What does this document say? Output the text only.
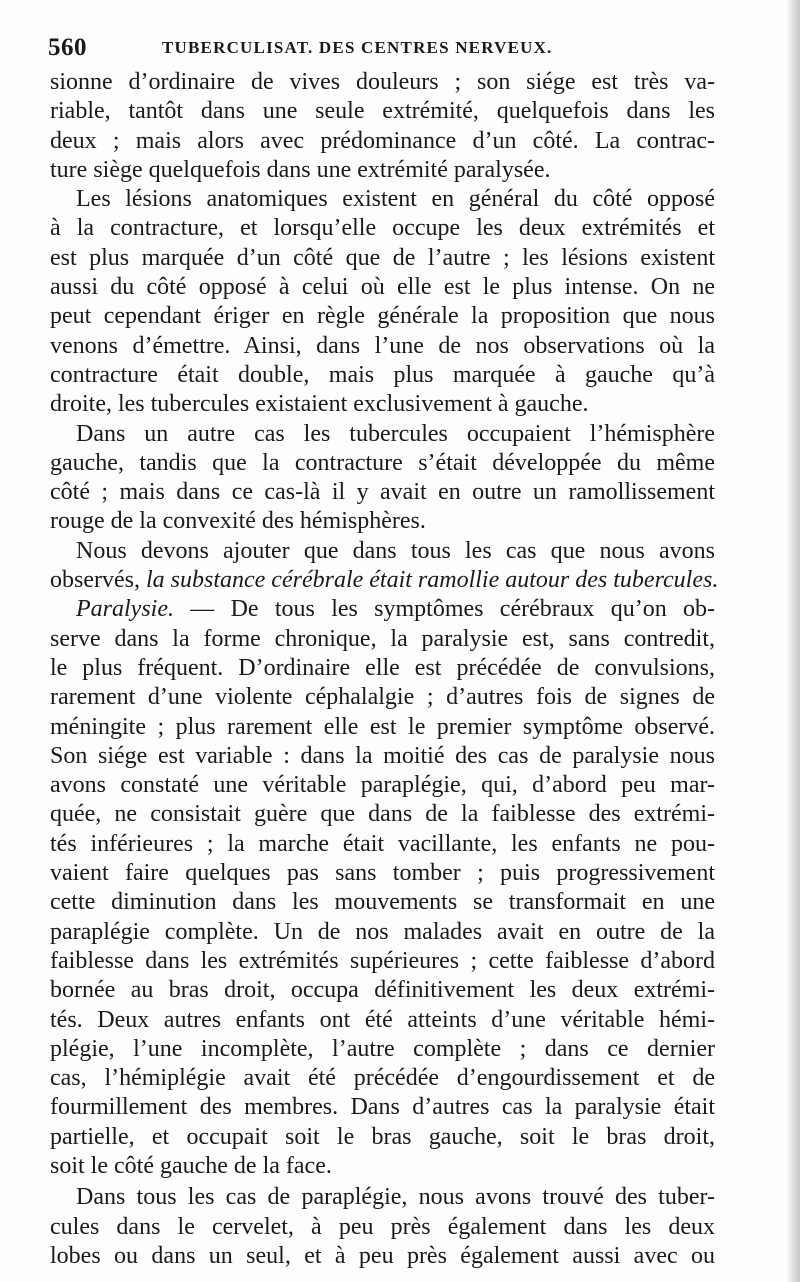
560	TUBERCULISAT. DES CENTRES NERVEUX.
sionne d’ordinaire de vives douleurs ; son siége est très va-
riable, tantôt dans une seule extrémité, quelquefois dans les
deux ; mais alors avec prédominance d’un côté. La contrac-
ture siège quelquefois dans une extrémité paralysée.
Les lésions anatomiques existent en général du côté opposé
à la contracture, et lorsqu’elle occupe les deux extrémités et
est plus marquée d’un côté que de l’autre ; les lésions existent
aussi du côté opposé à celui où elle est le plus intense. On ne
peut cependant ériger en règle générale la proposition que nous
venons d’émettre. Ainsi, dans l’une de nos observations où la
contracture était double, mais plus marquée à gauche qu’à
droite, les tubercules existaient exclusivement à gauche.
Dans un autre cas les tubercules occupaient l’hémisphère
gauche, tandis que la contracture s’était développée du même
côté ; mais dans ce cas-là il y avait en outre un ramollissement
rouge de la convexité des hémisphères.
Nous devons ajouter que dans tous les cas que nous avons
observés, la substance cérébrale était ramollie autour des tubercules.
Paralysie. — De tous les symptômes cérébraux qu’on ob-
serve dans la forme chronique, la paralysie est, sans contredit,
le plus fréquent. D’ordinaire elle est précédée de convulsions,
rarement d’une violente céphalalgie ; d’autres fois de signes de
méningite ; plus rarement elle est le premier symptôme observé.
Son siége est variable : dans la moitié des cas de paralysie nous
avons constaté une véritable paraplégie, qui, d’abord peu mar-
quée, ne consistait guère que dans de la faiblesse des extrémi-
tés inférieures ; la marche était vacillante, les enfants ne pou-
vaient faire quelques pas sans tomber ; puis progressivement
cette diminution dans les mouvements se transformait en une
paraplégie complète. Un de nos malades avait en outre de la
faiblesse dans les extrémités supérieures ; cette faiblesse d’abord
bornée au bras droit, occupa définitivement les deux extrémi-
tés. Deux autres enfants ont été atteints d’une véritable hémi-
plégie, l’une incomplète, l’autre complète ; dans ce dernier
cas, l’hémiplégie avait été précédée d’engourdissement et de
fourmillement des membres. Dans d’autres cas la paralysie était
partielle, et occupait soit le bras gauche, soit le bras droit,
soit le côté gauche de la face.
Dans tous les cas de paraplégie, nous avons trouvé des tuber-
cules dans le cervelet, à peu près également dans les deux
lobes ou dans un seul, et à peu près également aussi avec ou
